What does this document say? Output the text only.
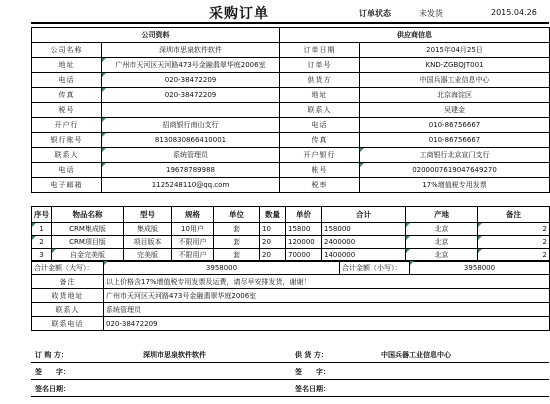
采购订单	订单状态	未发货	2015.04.26
公司资料		供应商信息	
公司名称	深圳市思泉软件软件	订单日期	2015年04月25日
地址	广州市天河区天河路473号金融翡翠华庭2006室	订单号	KND-ZGBQJT001
电话	020-38472209	供货方	中国兵器工业信息中心
传真	020-38472209	地址	北京海淀区
税号		联系人	吴建金
开户行	招商银行南山支行	电话	010-86756667
银行账号	8130830866410001	传真	010-86756667
联系人	系统管理员	开户银行	工商银行北京宣门支行
电话	19678789988	帐号	0200007619047649270
电子邮箱	1125248110@qq.com	税率	17%增值税专用发票
序号	物品名称	型号	规格	单位	数量	单价	合计	产地	备注
1	CRM集成版	集成版	10用户	套	10	15800	158000	北京	2
2	CRM项目版	项目版本	不限用户	套	20	120000	2400000	北京	2
3	自金完美版	完美版	不限用户	套	20	70000	1400000	北京	2
合计金额（大写）：	3958000	合计金额（小写）：	3958000
备注	以上价格含17%增值税专用发票及运费，请尽早安排发货，谢谢！		
收货地址	广州市天河区天河路473号金融翡翠华庭2006室		
联系人	系统管理员		
联系电话	020-38472209		
订 购 方：	深圳市思泉软件软件	供 货 方：	中国兵器工业信息中心
签　　字：	签　　字：
签名日期：	签名日期：
